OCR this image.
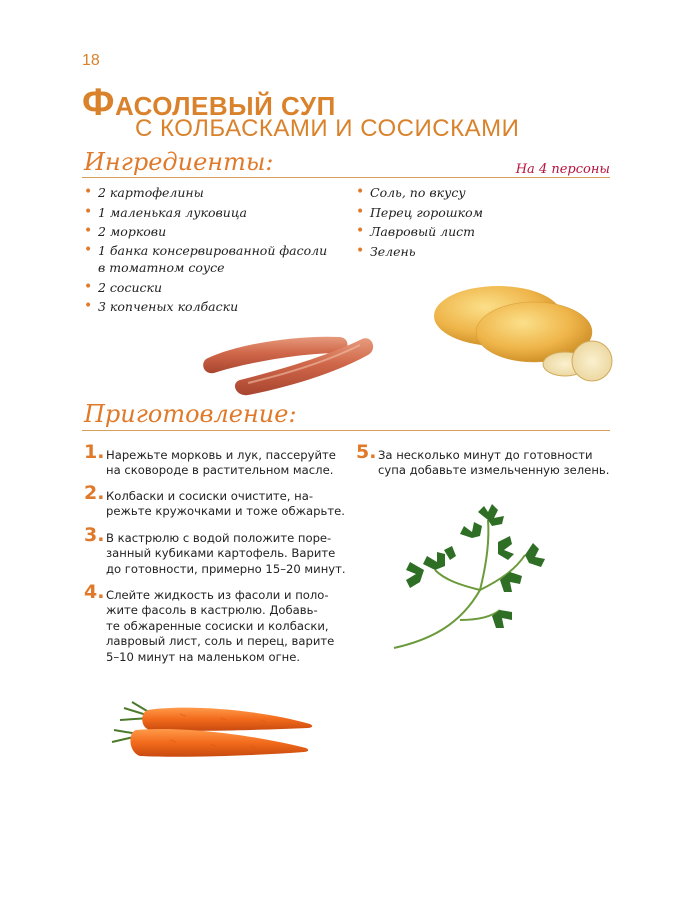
18
ФАСОЛЕВЫЙ СУП
С КОЛБАСКАМИ И СОСИСКАМИ
Ингредиенты:	На 4 персоны
• 2 картофелины
• 1 маленькая луковица
• 2 моркови
• 1 банка консервированной фасоли
в томатном соусе
• 2 сосиски
• 3 копченых колбаски
• Соль, по вкусу
• Перец горошком
• Лавровый лист
• Зелень
Приготовление:
1. Нарежьте морковь и лук, пассеруйте
на сковороде в растительном масле.
2. Колбаски и сосиски очистите, на-
режьте кружочками и тоже обжарьте.
3. В кастрюлю с водой положите поре-
занный кубиками картофель. Варите
до готовности, примерно 15–20 минут.
4. Слейте жидкость из фасоли и поло-
жите фасоль в кастрюлю. Добавь-
те обжаренные сосиски и колбаски,
лавровый лист, соль и перец, варите
5–10 минут на маленьком огне.
5. За несколько минут до готовности
супа добавьте измельченную зелень.
